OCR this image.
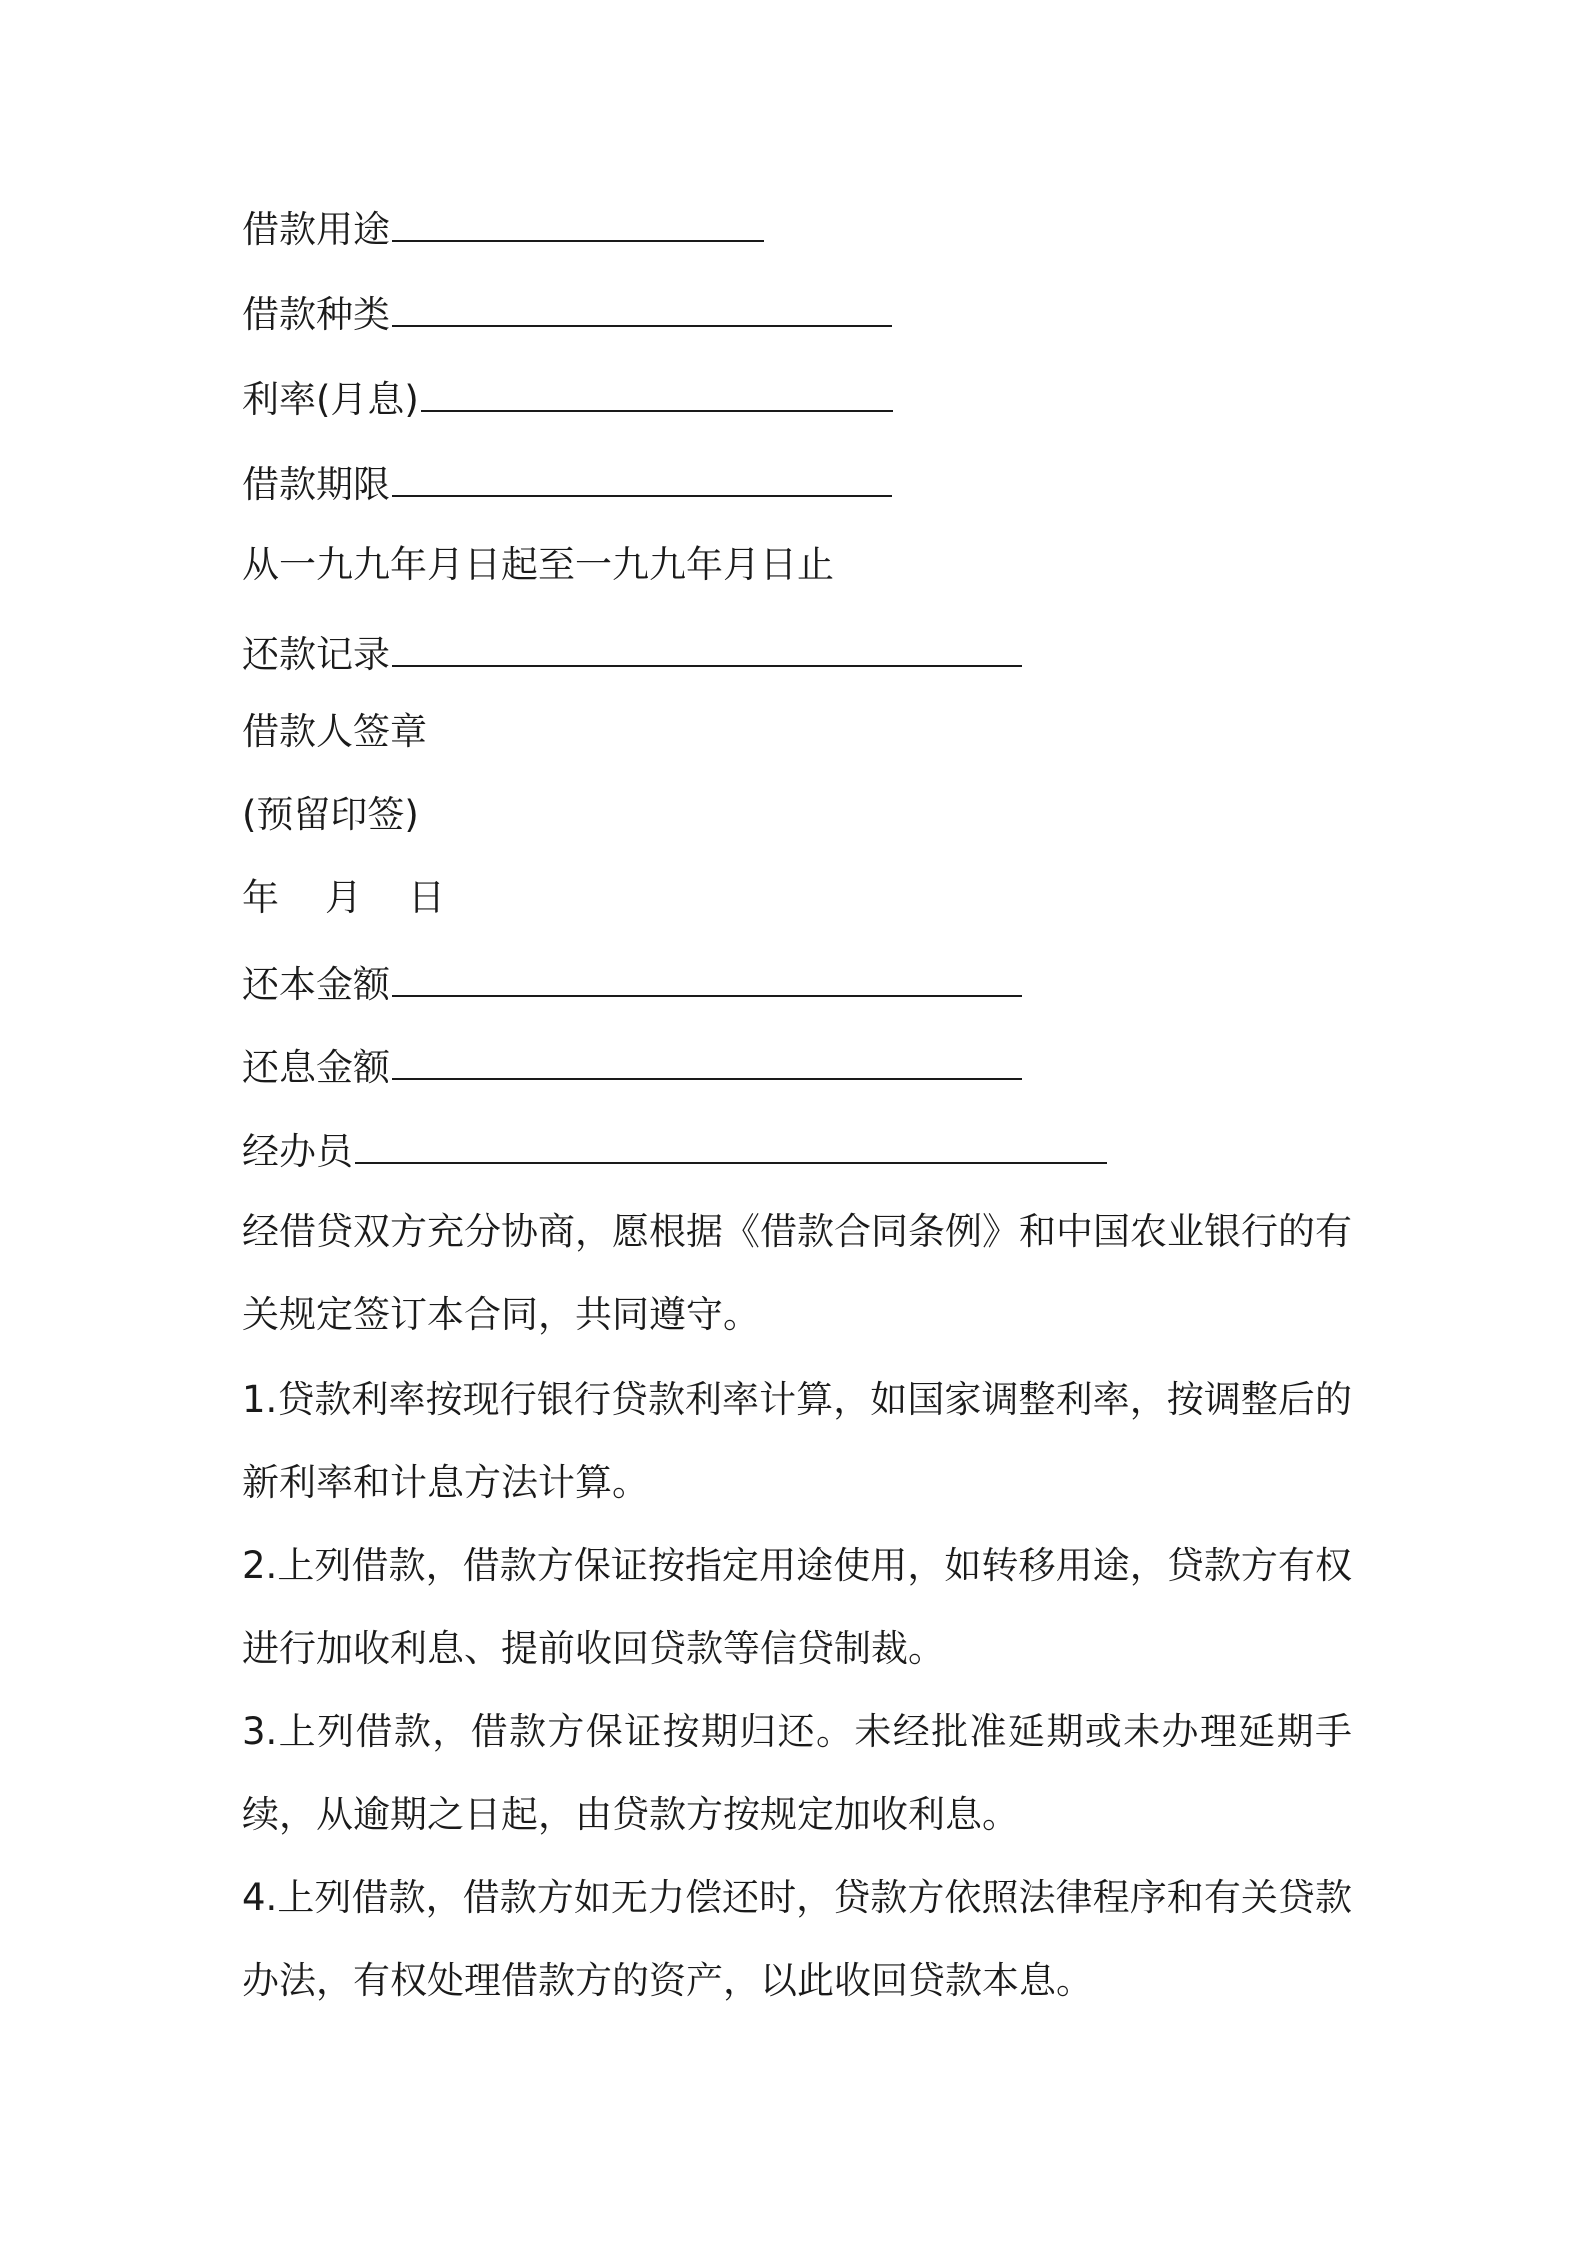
借款用途
借款种类
利率(月息)
借款期限
从一九九年月日起至一九九年月日止
还款记录
借款人签章
(预留印签)
年 月 日
还本金额
还息金额
经办员
经借贷双方充分协商，愿根据《借款合同条例》和中国农业银行的有关规定签订本合同，共同遵守。
1.贷款利率按现行银行贷款利率计算，如国家调整利率，按调整后的新利率和计息方法计算。
2.上列借款，借款方保证按指定用途使用，如转移用途，贷款方有权进行加收利息、提前收回贷款等信贷制裁。
3.上列借款，借款方保证按期归还。未经批准延期或未办理延期手续，从逾期之日起，由贷款方按规定加收利息。
4.上列借款，借款方如无力偿还时，贷款方依照法律程序和有关贷款办法，有权处理借款方的资产，以此收回贷款本息。
